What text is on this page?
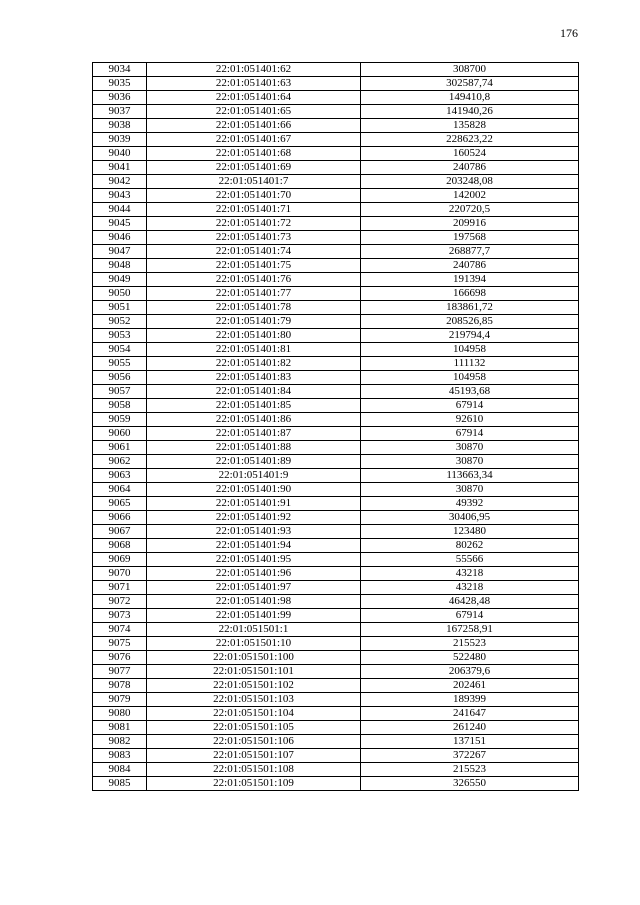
176
9034	22:01:051401:62	308700
9035	22:01:051401:63	302587,74
9036	22:01:051401:64	149410,8
9037	22:01:051401:65	141940,26
9038	22:01:051401:66	135828
9039	22:01:051401:67	228623,22
9040	22:01:051401:68	160524
9041	22:01:051401:69	240786
9042	22:01:051401:7	203248,08
9043	22:01:051401:70	142002
9044	22:01:051401:71	220720,5
9045	22:01:051401:72	209916
9046	22:01:051401:73	197568
9047	22:01:051401:74	268877,7
9048	22:01:051401:75	240786
9049	22:01:051401:76	191394
9050	22:01:051401:77	166698
9051	22:01:051401:78	183861,72
9052	22:01:051401:79	208526,85
9053	22:01:051401:80	219794,4
9054	22:01:051401:81	104958
9055	22:01:051401:82	111132
9056	22:01:051401:83	104958
9057	22:01:051401:84	45193,68
9058	22:01:051401:85	67914
9059	22:01:051401:86	92610
9060	22:01:051401:87	67914
9061	22:01:051401:88	30870
9062	22:01:051401:89	30870
9063	22:01:051401:9	113663,34
9064	22:01:051401:90	30870
9065	22:01:051401:91	49392
9066	22:01:051401:92	30406,95
9067	22:01:051401:93	123480
9068	22:01:051401:94	80262
9069	22:01:051401:95	55566
9070	22:01:051401:96	43218
9071	22:01:051401:97	43218
9072	22:01:051401:98	46428,48
9073	22:01:051401:99	67914
9074	22:01:051501:1	167258,91
9075	22:01:051501:10	215523
9076	22:01:051501:100	522480
9077	22:01:051501:101	206379,6
9078	22:01:051501:102	202461
9079	22:01:051501:103	189399
9080	22:01:051501:104	241647
9081	22:01:051501:105	261240
9082	22:01:051501:106	137151
9083	22:01:051501:107	372267
9084	22:01:051501:108	215523
9085	22:01:051501:109	326550
